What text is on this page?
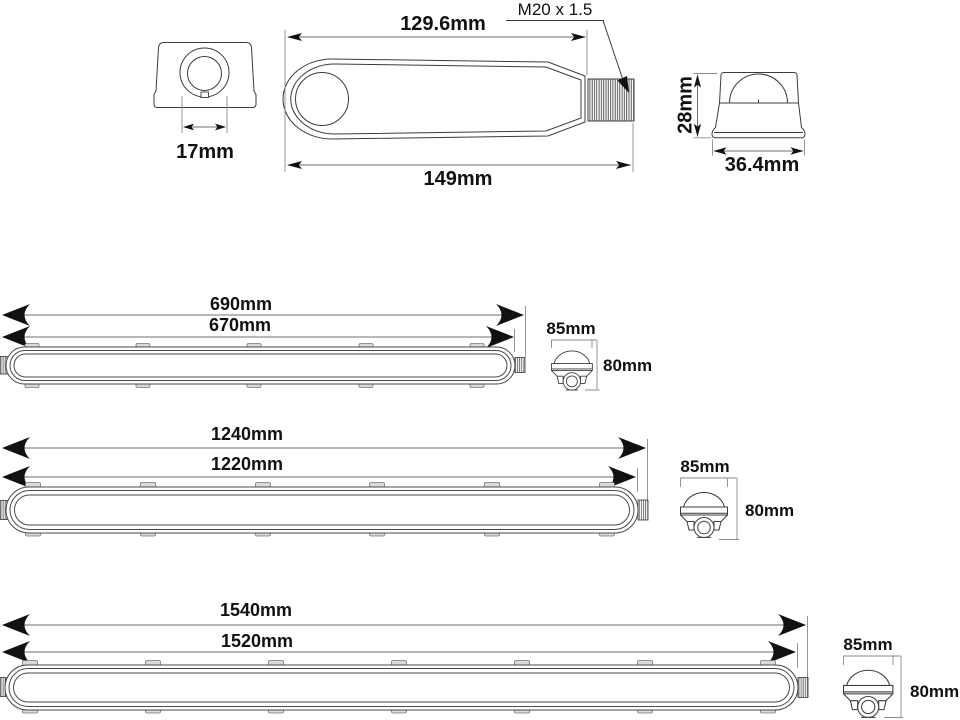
17mm
129.6mm
149mm
M20 x 1.5
28mm
36.4mm
690mm
670mm	85mm
80mm
1240mm
1220mm	85mm
80mm
1540mm
1520mm	85mm
80mm
